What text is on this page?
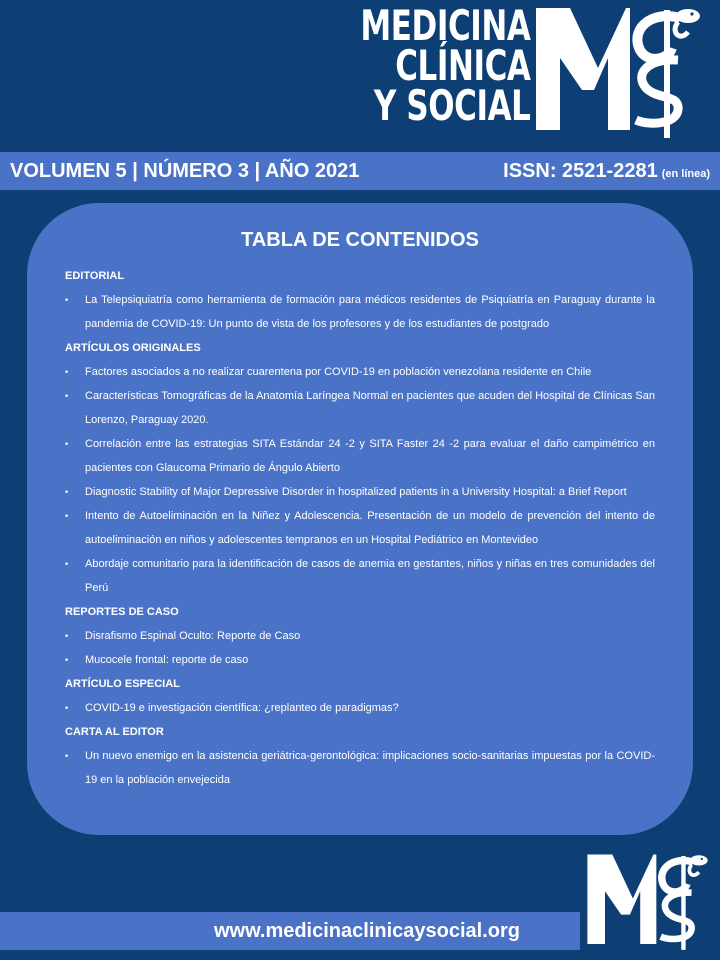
MEDICINA
CLÍNICA
Y SOCIAL
VOLUMEN 5 | NÚMERO 3 | AÑO 2021	ISSN: 2521-2281 (en línea)
TABLA DE CONTENIDOS
EDITORIAL
•	La Telepsiquiatría como herramienta de formación para médicos residentes de Psiquiatría en Paraguay durante la pandemia de COVID-19: Un punto de vista de los profesores y de los estudiantes de postgrado
ARTÍCULOS ORIGINALES
•	Factores asociados a no realizar cuarentena por COVID-19 en población venezolana residente en Chile
•	Características Tomográficas de la Anatomía Laríngea Normal en pacientes que acuden del Hospital de Clínicas San Lorenzo, Paraguay 2020.
•	Correlación entre las estrategias SITA Estándar 24 -2 y SITA Faster 24 -2 para evaluar el daño campimétrico en pacientes con Glaucoma Primario de Ángulo Abierto
•	Diagnostic Stability of Major Depressive Disorder in hospitalized patients in a University Hospital: a Brief Report
•	Intento de Autoeliminación en la Niñez y Adolescencia. Presentación de un modelo de prevención del intento de autoeliminación en niños y adolescentes tempranos en un Hospital Pediátrico en Montevideo
•	Abordaje comunitario para la identificación de casos de anemia en gestantes, niños y niñas en tres comunidades del Perú
REPORTES DE CASO
•	Disrafismo Espinal Oculto: Reporte de Caso
•	Mucocele frontal: reporte de caso
ARTÍCULO ESPECIAL
•	COVID-19 e investigación científica: ¿replanteo de paradigmas?
CARTA AL EDITOR
•	Un nuevo enemigo en la asistencia geriátrica-gerontológica: implicaciones socio-sanitarias impuestas por la COVID-19 en la población envejecida
www.medicinaclinicaysocial.org
